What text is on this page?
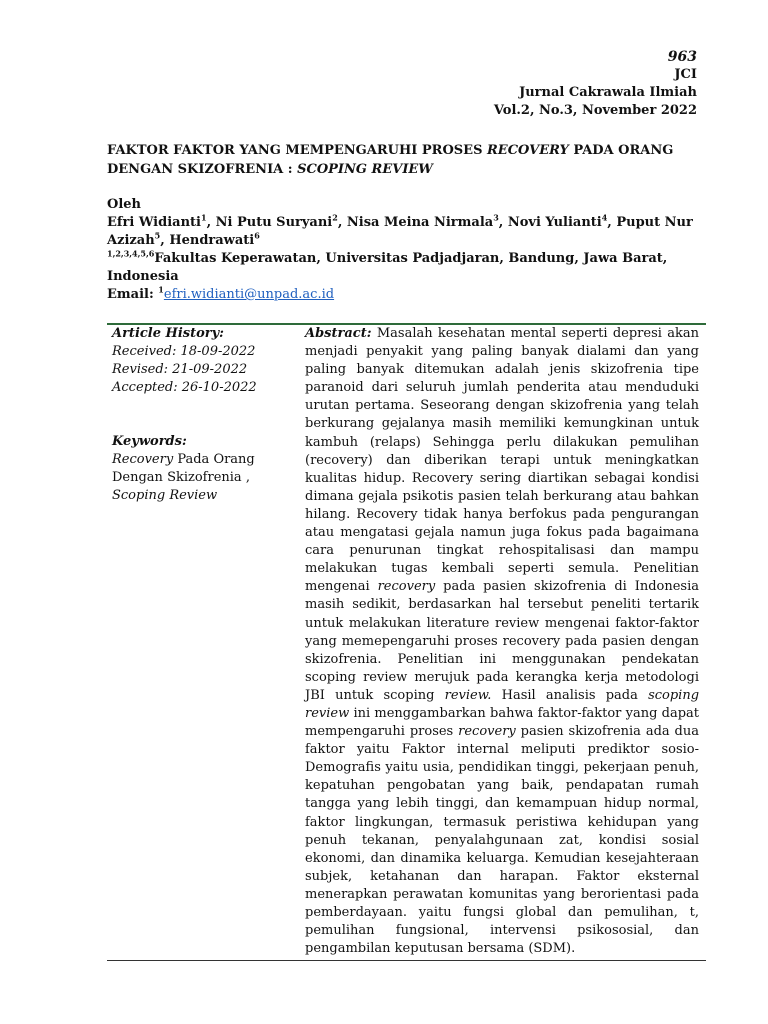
963
JCI
Jurnal Cakrawala Ilmiah
Vol.2, No.3, November 2022
FAKTOR FAKTOR YANG MEMPENGARUHI PROSES RECOVERY PADA ORANG DENGAN SKIZOFRENIA : SCOPING REVIEW
Oleh
Efri Widianti$^1$, Ni Putu Suryani$^2$, Nisa Meina Nirmala$^3$, Novi Yulianti$^4$, Puput Nur Azizah$^5$, Hendrawati$^6$
$^{1,2,3,4,5,6}$Fakultas Keperawatan, Universitas Padjadjaran, Bandung, Jawa Barat, Indonesia
Email: $^1$efri.widianti@unpad.ac.id
Article History:
Received: 18-09-2022
Revised: 21-09-2022
Accepted: 26-10-2022
Keywords:
Recovery Pada Orang Dengan Skizofrenia ,
Scoping Review
Abstract: Masalah kesehatan mental seperti depresi akan menjadi penyakit yang paling banyak dialami dan yang paling banyak ditemukan adalah jenis skizofrenia tipe paranoid dari seluruh jumlah penderita atau menduduki urutan pertama. Seseorang dengan skizofrenia yang telah berkurang gejalanya masih memiliki kemungkinan untuk kambuh (relaps) Sehingga perlu dilakukan pemulihan (recovery) dan diberikan terapi untuk meningkatkan kualitas hidup. Recovery sering diartikan sebagai kondisi dimana gejala psikotis pasien telah berkurang atau bahkan hilang. Recovery tidak hanya berfokus pada pengurangan atau mengatasi gejala namun juga fokus pada bagaimana cara penurunan tingkat rehospitalisasi dan mampu melakukan tugas kembali seperti semula. Penelitian mengenai recovery pada pasien skizofrenia di Indonesia masih sedikit, berdasarkan hal tersebut peneliti tertarik untuk melakukan literature review mengenai faktor-faktor yang memepengaruhi proses recovery pada pasien dengan skizofrenia. Penelitian ini menggunakan pendekatan scoping review merujuk pada kerangka kerja metodologi JBI untuk scoping review. Hasil analisis pada scoping review ini menggambarkan bahwa faktor-faktor yang dapat mempengaruhi proses recovery pasien skizofrenia ada dua faktor yaitu Faktor internal meliputi prediktor sosio-Demografis yaitu usia, pendidikan tinggi, pekerjaan penuh, kepatuhan pengobatan yang baik, pendapatan rumah tangga yang lebih tinggi, dan kemampuan hidup normal, faktor lingkungan, termasuk peristiwa kehidupan yang penuh tekanan, penyalahgunaan zat, kondisi sosial ekonomi, dan dinamika keluarga. Kemudian kesejahteraan subjek, ketahanan dan harapan. Faktor eksternal menerapkan perawatan komunitas yang berorientasi pada pemberdayaan. yaitu fungsi global dan pemulihan, t, pemulihan fungsional, intervensi psikososial, dan pengambilan keputusan bersama (SDM).
